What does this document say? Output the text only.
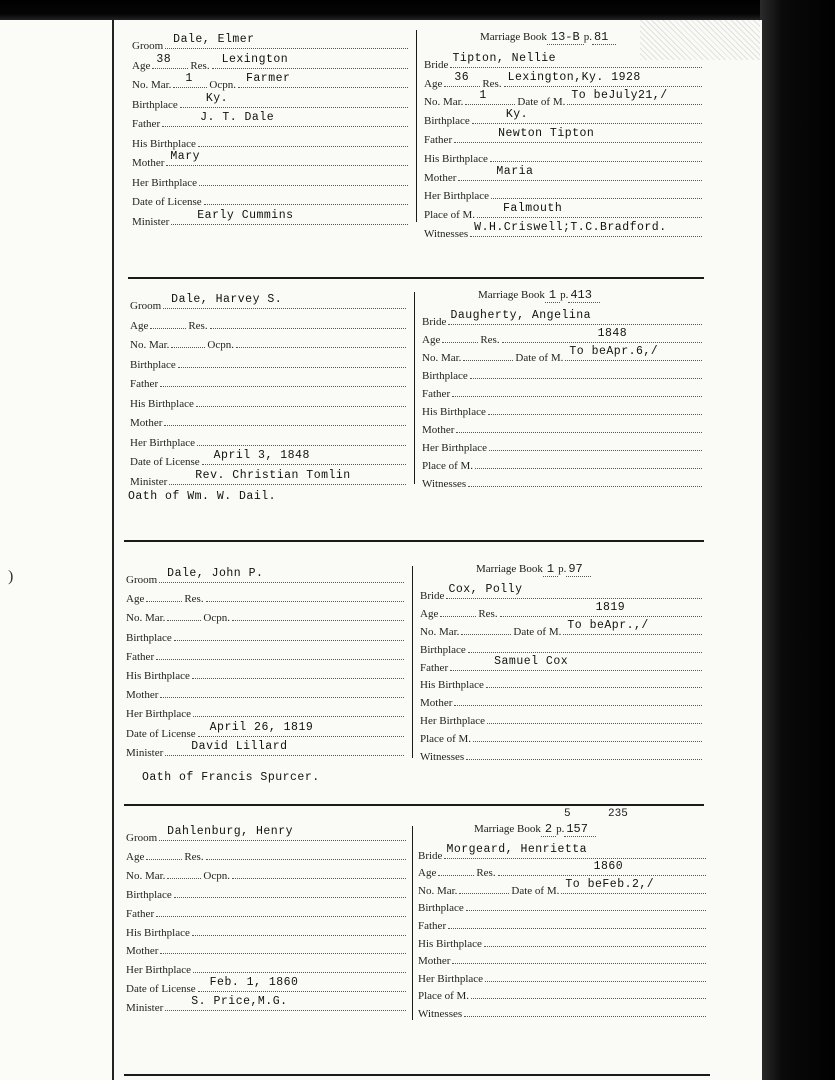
)
Groom Dale, Elmer
Age 38 Res. Lexington
No. Mar. 1 Ocpn. Farmer
Birthplace Ky.
Father	J. T. Dale
His Birthplace
Mother Mary
Her Birthplace
Date of License
Minister Early Cummins
Marriage Book 13-B p. 81
Bride Tipton, Nellie
Age 36 Res. Lexington,Ky. 1928
No. Mar. 1	Date of M. To beJuly21,/
Birthplace	Ky.
Father	Newton Tipton
His Birthplace
Mother	Maria
Her Birthplace
Place of M. Falmouth
Witnesses W.H.Criswell;T.C.Bradford.
Groom Dale, Harvey S.
Age	Res.
No. Mar.	Ocpn.
Birthplace
Father
His Birthplace
Mother
Her Birthplace
Date of License April 3, 1848
Minister Rev. Christian Tomlin
Marriage Book 1 p. 413
Bride Daugherty, Angelina
Age	Res.	1848
No. Mar.	Date of M. To beApr.6,/
Birthplace
Father
His Birthplace
Mother
Her Birthplace
Place of M.
Witnesses
Oath of Wm. W. Dail.
Groom Dale, John P.
Age	Res.
No. Mar.	Ocpn.
Birthplace
Father
His Birthplace
Mother
Her Birthplace
Date of License April 26, 1819
Minister David Lillard
Marriage Book 1 p. 97
Bride Cox, Polly
Age	Res.	1819
No. Mar.	Date of M. To beApr.,/
Birthplace
Father	Samuel Cox
His Birthplace
Mother
Her Birthplace
Place of M.
Witnesses
Oath of Francis Spurcer.
Groom Dahlenburg, Henry
Age	Res.
No. Mar.	Ocpn.
Birthplace
Father
His Birthplace
Mother
Her Birthplace
Date of License Feb. 1, 1860
Minister S. Price,M.G.
Marriage Book 2 p. 157
5	235
Bride Morgeard, Henrietta
Age	Res.	1860
No. Mar.	Date of M. To beFeb.2,/
Birthplace
Father
His Birthplace
Mother
Her Birthplace
Place of M.
Witnesses
